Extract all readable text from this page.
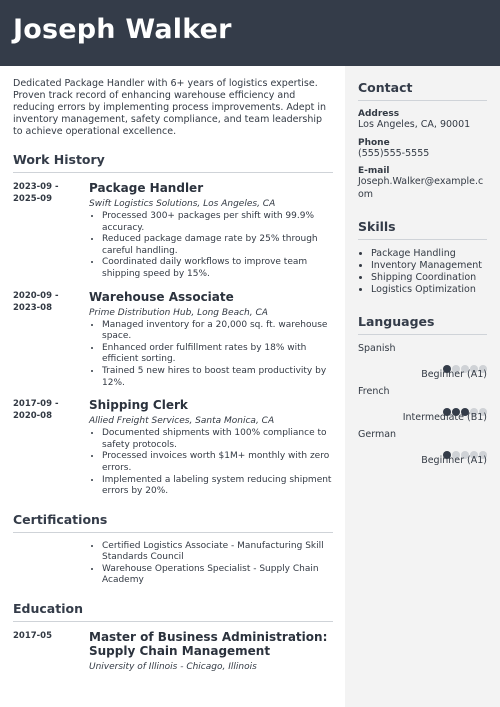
Joseph Walker
Dedicated Package Handler with 6+ years of logistics expertise. Proven track record of enhancing warehouse efficiency and reducing errors by implementing process improvements. Adept in inventory management, safety compliance, and team leadership to achieve operational excellence.
Work History
2023-09 -
2025-09
Package Handler
Swift Logistics Solutions, Los Angeles, CA
• Processed 300+ packages per shift with 99.9% accuracy.
• Reduced package damage rate by 25% through careful handling.
• Coordinated daily workflows to improve team shipping speed by 15%.
2020-09 -
2023-08
Warehouse Associate
Prime Distribution Hub, Long Beach, CA
• Managed inventory for a 20,000 sq. ft. warehouse space.
• Enhanced order fulfillment rates by 18% with efficient sorting.
• Trained 5 new hires to boost team productivity by 12%.
2017-09 -
2020-08
Shipping Clerk
Allied Freight Services, Santa Monica, CA
• Documented shipments with 100% compliance to safety protocols.
• Processed invoices worth $1M+ monthly with zero errors.
• Implemented a labeling system reducing shipment errors by 20%.
Certifications
• Certified Logistics Associate - Manufacturing Skill Standards Council
• Warehouse Operations Specialist - Supply Chain Academy
Education
2017-05	Master of Business Administration: Supply Chain Management
University of Illinois - Chicago, Illinois
Contact
Address
Los Angeles, CA, 90001
Phone
(555)555-5555
E-mail
Joseph.Walker@example.com
Skills
• Package Handling
• Inventory Management
• Shipping Coordination
• Logistics Optimization
Languages
Spanish
Beginner (A1)
French
Intermediate (B1)
German
Beginner (A1)
